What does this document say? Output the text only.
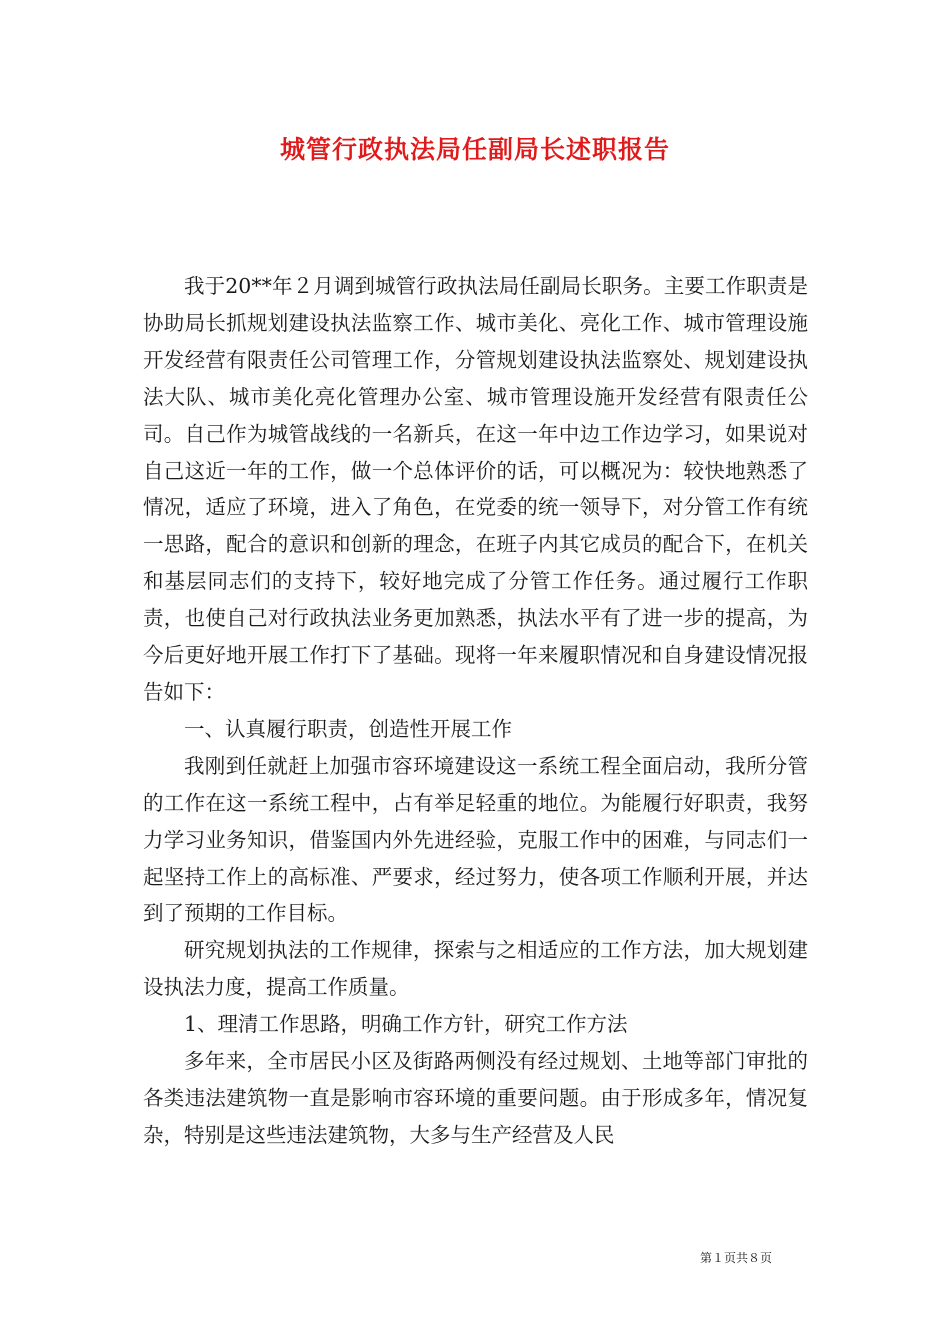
城管行政执法局任副局长述职报告

我于20**年２月调到城管行政执法局任副局长职务。主要工作职责是协助局长抓规划建设执法监察工作、城市美化、亮化工作、城市管理设施开发经营有限责任公司管理工作，分管规划建设执法监察处、规划建设执法大队、城市美化亮化管理办公室、城市管理设施开发经营有限责任公司。自己作为城管战线的一名新兵，在这一年中边工作边学习，如果说对自己这近一年的工作，做一个总体评价的话，可以概况为：较快地熟悉了情况，适应了环境，进入了角色，在党委的统一领导下，对分管工作有统一思路，配合的意识和创新的理念，在班子内其它成员的配合下，在机关和基层同志们的支持下，较好地完成了分管工作任务。通过履行工作职责，也使自己对行政执法业务更加熟悉，执法水平有了进一步的提高，为今后更好地开展工作打下了基础。现将一年来履职情况和自身建设情况报告如下：

一、认真履行职责，创造性开展工作

我刚到任就赶上加强市容环境建设这一系统工程全面启动，我所分管的工作在这一系统工程中，占有举足轻重的地位。为能履行好职责，我努力学习业务知识，借鉴国内外先进经验，克服工作中的困难，与同志们一起坚持工作上的高标准、严要求，经过努力，使各项工作顺利开展，并达到了预期的工作目标。

研究规划执法的工作规律，探索与之相适应的工作方法，加大规划建设执法力度，提高工作质量。

1、理清工作思路，明确工作方针，研究工作方法

多年来，全市居民小区及街路两侧没有经过规划、土地等部门审批的各类违法建筑物一直是影响市容环境的重要问题。由于形成多年，情况复杂，特别是这些违法建筑物，大多与生产经营及人民

第１页共８页
